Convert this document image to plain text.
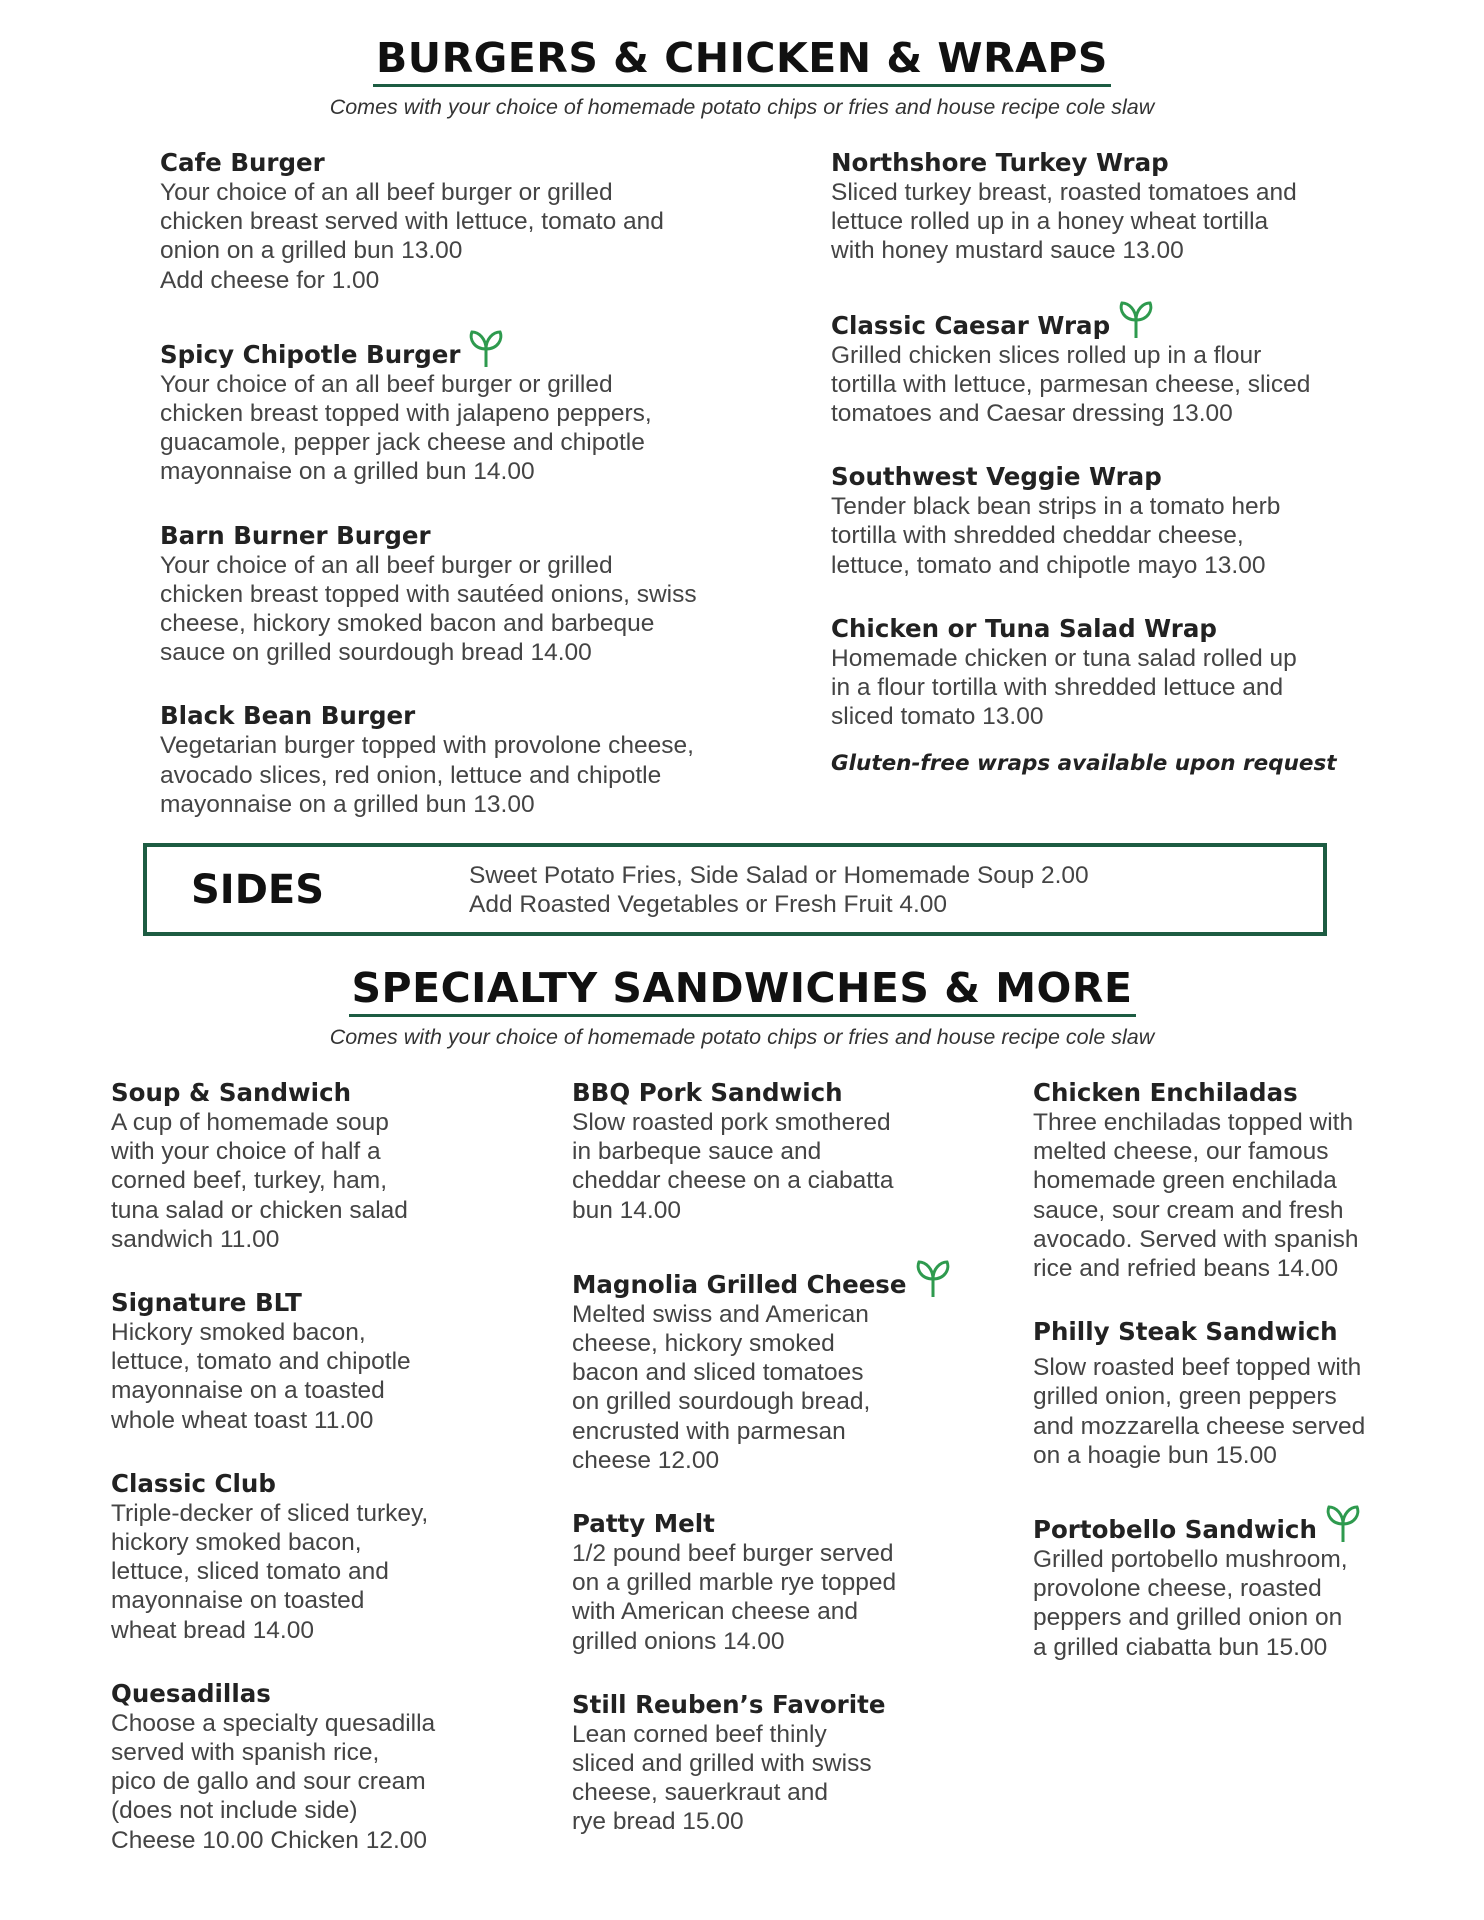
BURGERS & CHICKEN & WRAPS

Comes with your choice of homemade potato chips or fries and house recipe cole slaw

Cafe Burger

Your choice of an all beef burger or grilled
chicken breast served with lettuce, tomato and
onion on a grilled bun 13.00
Add cheese for 1.00

Spicy Chipotle Burger

Your choice of an all beef burger or grilled
chicken breast topped with jalapeno peppers,
guacamole, pepper jack cheese and chipotle
mayonnaise on a grilled bun 14.00

Barn Burner Burger

Your choice of an all beef burger or grilled
chicken breast topped with sautéed onions, swiss
cheese, hickory smoked bacon and barbeque
sauce on grilled sourdough bread 14.00

Black Bean Burger

Vegetarian burger topped with provolone cheese,
avocado slices, red onion, lettuce and chipotle
mayonnaise on a grilled bun 13.00

Northshore Turkey Wrap

Sliced turkey breast, roasted tomatoes and
lettuce rolled up in a honey wheat tortilla
with honey mustard sauce 13.00

Classic Caesar Wrap

Grilled chicken slices rolled up in a flour
tortilla with lettuce, parmesan cheese, sliced
tomatoes and Caesar dressing 13.00

Southwest Veggie Wrap

Tender black bean strips in a tomato herb
tortilla with shredded cheddar cheese,
lettuce, tomato and chipotle mayo 13.00

Chicken or Tuna Salad Wrap

Homemade chicken or tuna salad rolled up
in a flour tortilla with shredded lettuce and
sliced tomato 13.00

Gluten-free wraps available upon request

SIDES	Sweet Potato Fries, Side Salad or Homemade Soup 2.00
Add Roasted Vegetables or Fresh Fruit 4.00
SPECIALTY SANDWICHES & MORE

Comes with your choice of homemade potato chips or fries and house recipe cole slaw

Soup & Sandwich

A cup of homemade soup
with your choice of half a
corned beef, turkey, ham,
tuna salad or chicken salad
sandwich 11.00

Signature BLT

Hickory smoked bacon,
lettuce, tomato and chipotle
mayonnaise on a toasted
whole wheat toast 11.00

Classic Club

Triple-decker of sliced turkey,
hickory smoked bacon,
lettuce, sliced tomato and
mayonnaise on toasted
wheat bread 14.00

Quesadillas

Choose a specialty quesadilla
served with spanish rice,
pico de gallo and sour cream
(does not include side)
Cheese 10.00 Chicken 12.00

BBQ Pork Sandwich

Slow roasted pork smothered
in barbeque sauce and
cheddar cheese on a ciabatta
bun 14.00

Magnolia Grilled Cheese

Melted swiss and American
cheese, hickory smoked
bacon and sliced tomatoes
on grilled sourdough bread,
encrusted with parmesan
cheese 12.00

Patty Melt

1/2 pound beef burger served
on a grilled marble rye topped
with American cheese and
grilled onions 14.00

Still Reuben’s Favorite

Lean corned beef thinly
sliced and grilled with swiss
cheese, sauerkraut and
rye bread 15.00

Chicken Enchiladas

Three enchiladas topped with
melted cheese, our famous
homemade green enchilada
sauce, sour cream and fresh
avocado. Served with spanish
rice and refried beans 14.00

Philly Steak Sandwich

Slow roasted beef topped with
grilled onion, green peppers
and mozzarella cheese served
on a hoagie bun 15.00

Portobello Sandwich

Grilled portobello mushroom,
provolone cheese, roasted
peppers and grilled onion on
a grilled ciabatta bun 15.00
